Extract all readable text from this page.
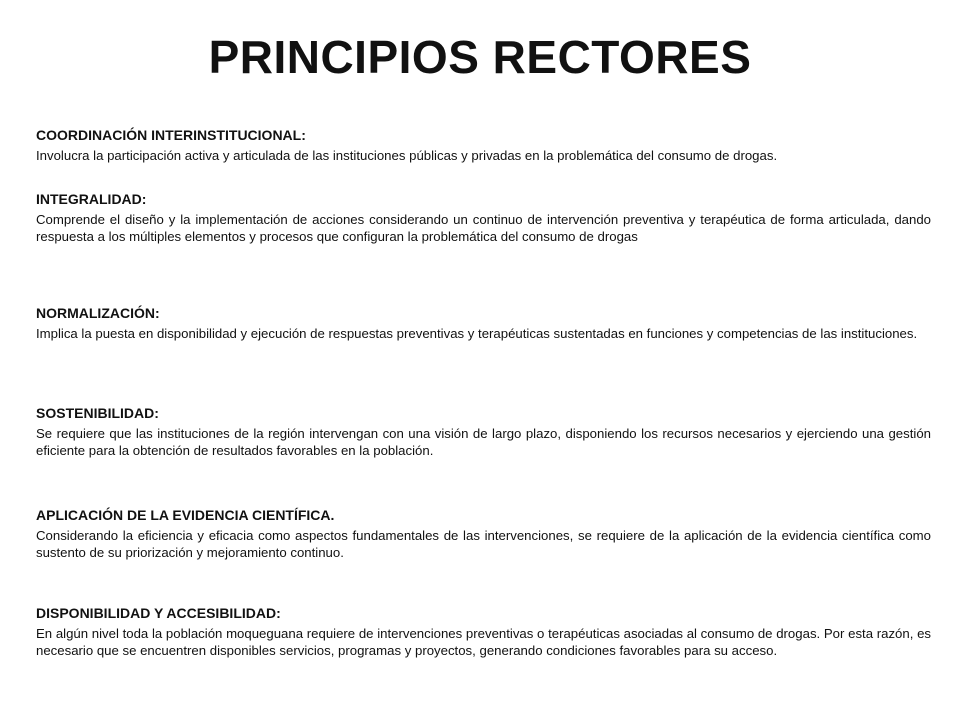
PRINCIPIOS RECTORES

COORDINACIÓN INTERINSTITUCIONAL:

Involucra la participación activa y articulada de las instituciones públicas y privadas en la problemática del consumo de drogas.

INTEGRALIDAD:

Comprende el diseño y la implementación de acciones considerando un continuo de intervención preventiva y terapéutica de forma articulada, dando respuesta a los múltiples elementos y procesos que configuran la problemática del consumo de drogas

NORMALIZACIÓN:

Implica la puesta en disponibilidad y ejecución de respuestas preventivas y terapéuticas sustentadas en funciones y competencias de las instituciones.

SOSTENIBILIDAD:

Se requiere que las instituciones de la región intervengan con una visión de largo plazo, disponiendo los recursos necesarios y ejerciendo una gestión eficiente para la obtención de resultados favorables en la población.

APLICACIÓN DE LA EVIDENCIA CIENTÍFICA.

Considerando la eficiencia y eficacia como aspectos fundamentales de las intervenciones, se requiere de la aplicación de la evidencia científica como sustento de su priorización y mejoramiento continuo.

DISPONIBILIDAD Y ACCESIBILIDAD:

En algún nivel toda la población moqueguana requiere de intervenciones preventivas o terapéuticas asociadas al consumo de drogas. Por esta razón, es necesario que se encuentren disponibles servicios, programas y proyectos, generando condiciones favorables para su acceso.
